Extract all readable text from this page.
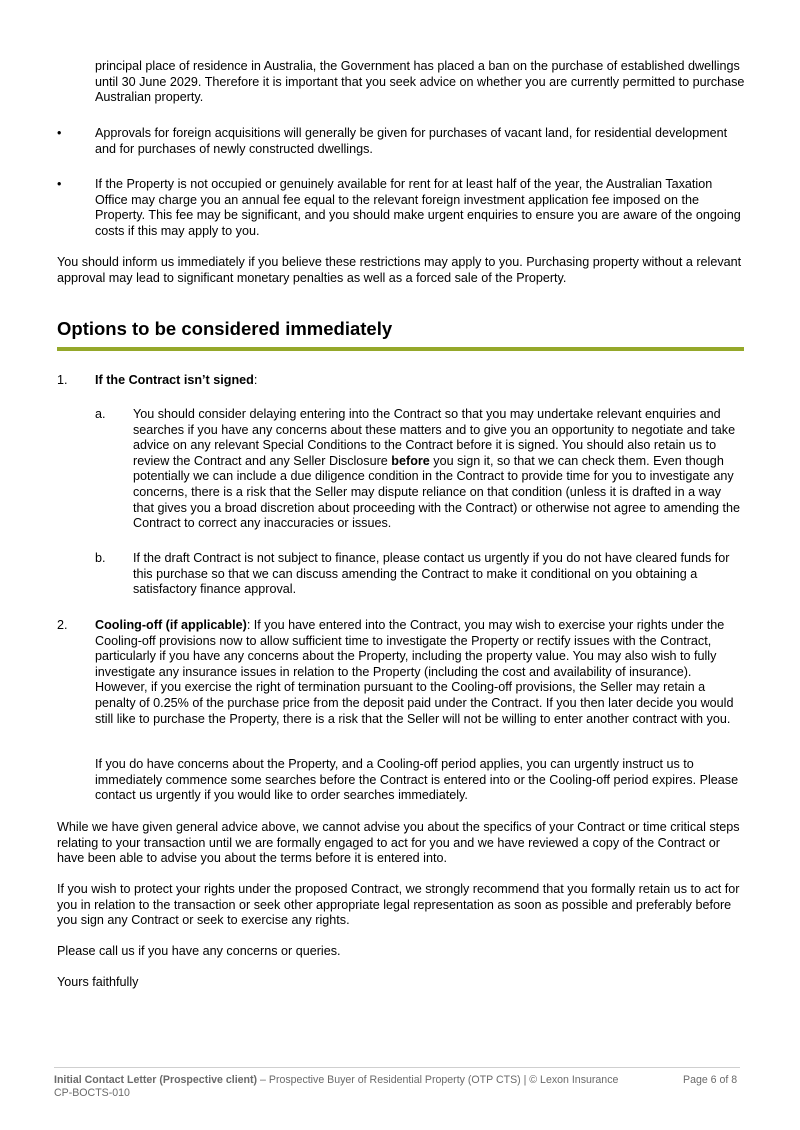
principal place of residence in Australia, the Government has placed a ban on the purchase of established dwellings until 30 June 2029. Therefore it is important that you seek advice on whether you are currently permitted to purchase Australian property.

•	Approvals for foreign acquisitions will generally be given for purchases of vacant land, for residential development and for purchases of newly constructed dwellings.

•	If the Property is not occupied or genuinely available for rent for at least half of the year, the Australian Taxation Office may charge you an annual fee equal to the relevant foreign investment application fee imposed on the Property. This fee may be significant, and you should make urgent enquiries to ensure you are aware of the ongoing costs if this may apply to you.

You should inform us immediately if you believe these restrictions may apply to you. Purchasing property without a relevant approval may lead to significant monetary penalties as well as a forced sale of the Property.

Options to be considered immediately
1. If the Contract isn’t signed:

a. You should consider delaying entering into the Contract so that you may undertake relevant enquiries and searches if you have any concerns about these matters and to give you an opportunity to negotiate and take advice on any relevant Special Conditions to the Contract before it is signed. You should also retain us to review the Contract and any Seller Disclosure before you sign it, so that we can check them. Even though potentially we can include a due diligence condition in the Contract to provide time for you to investigate any concerns, there is a risk that the Seller may dispute reliance on that condition (unless it is drafted in a way that gives you a broad discretion about proceeding with the Contract) or otherwise not agree to amending the Contract to correct any inaccuracies or issues.

b. If the draft Contract is not subject to finance, please contact us urgently if you do not have cleared funds for this purchase so that we can discuss amending the Contract to make it conditional on you obtaining a satisfactory finance approval.

2. Cooling-off (if applicable): If you have entered into the Contract, you may wish to exercise your rights under the Cooling-off provisions now to allow sufficient time to investigate the Property or rectify issues with the Contract, particularly if you have any concerns about the Property, including the property value. You may also wish to fully investigate any insurance issues in relation to the Property (including the cost and availability of insurance). However, if you exercise the right of termination pursuant to the Cooling-off provisions, the Seller may retain a penalty of 0.25% of the purchase price from the deposit paid under the Contract. If you then later decide you would still like to purchase the Property, there is a risk that the Seller will not be willing to enter another contract with you.

If you do have concerns about the Property, and a Cooling-off period applies, you can urgently instruct us to immediately commence some searches before the Contract is entered into or the Cooling-off period expires. Please contact us urgently if you would like to order searches immediately.

While we have given general advice above, we cannot advise you about the specifics of your Contract or time critical steps relating to your transaction until we are formally engaged to act for you and we have reviewed a copy of the Contract or have been able to advise you about the terms before it is entered into.

If you wish to protect your rights under the proposed Contract, we strongly recommend that you formally retain us to act for you in relation to the transaction or seek other appropriate legal representation as soon as possible and preferably before you sign any Contract or seek to exercise any rights.

Please call us if you have any concerns or queries.

Yours faithfully

Initial Contact Letter (Prospective client) – Prospective Buyer of Residential Property (OTP CTS) | © Lexon Insurance	Page 6 of 8
CP-BOCTS-010
